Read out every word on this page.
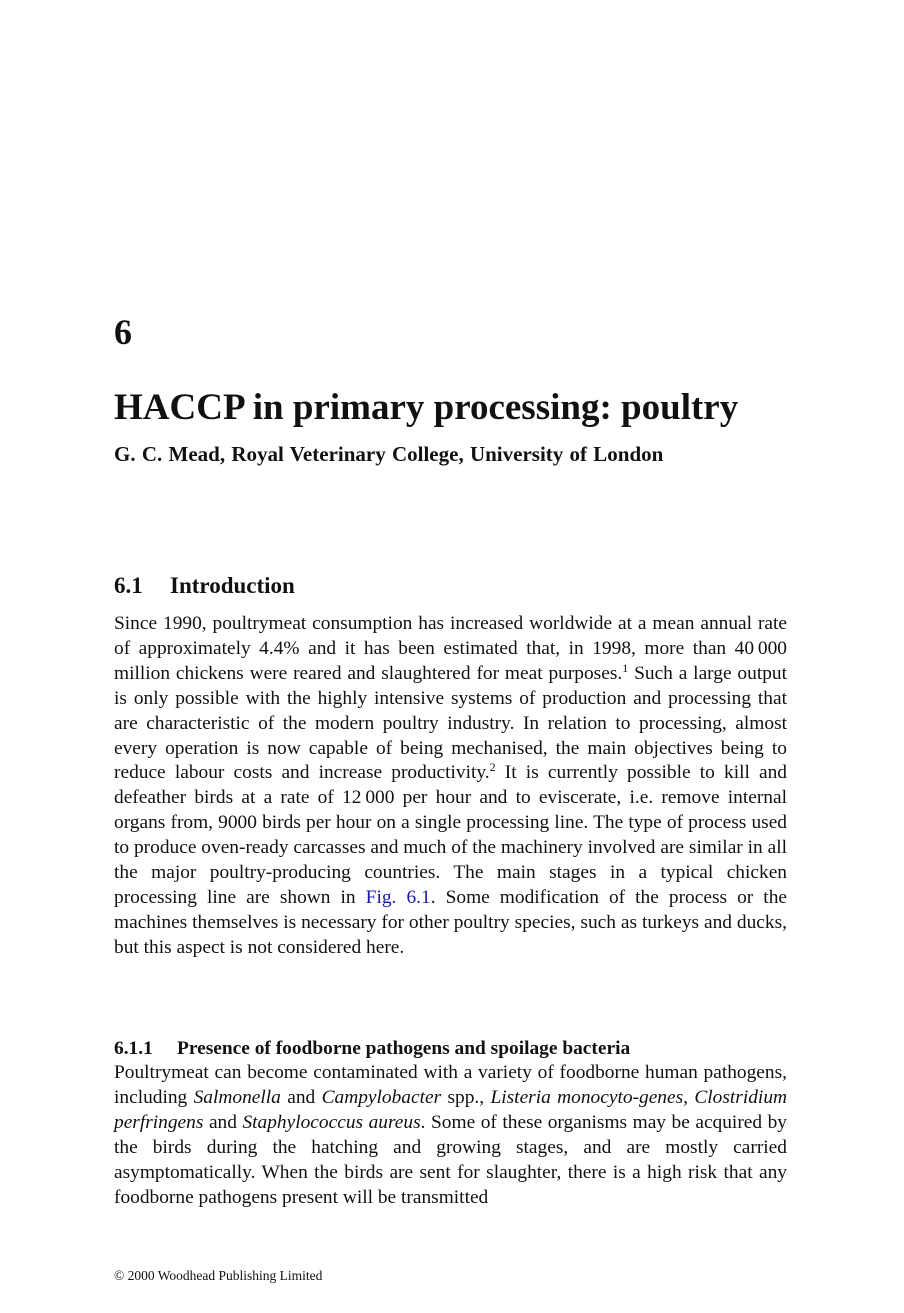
6
HACCP in primary processing: poultry

G. C. Mead, Royal Veterinary College, University of London

6.1 Introduction

Since 1990, poultrymeat consumption has increased worldwide at a mean annual rate of approximately 4.4% and it has been estimated that, in 1998, more than 40 000 million chickens were reared and slaughtered for meat purposes.$^1$ Such a large output is only possible with the highly intensive systems of production and processing that are characteristic of the modern poultry industry. In relation to processing, almost every operation is now capable of being mechanised, the main objectives being to reduce labour costs and increase productivity.$^2$ It is currently possible to kill and defeather birds at a rate of 12 000 per hour and to eviscerate, i.e. remove internal organs from, 9000 birds per hour on a single processing line. The type of process used to produce oven-ready carcasses and much of the machinery involved are similar in all the major poultry-producing countries. The main stages in a typical chicken processing line are shown in Fig. 6.1. Some modification of the process or the machines themselves is necessary for other poultry species, such as turkeys and ducks, but this aspect is not considered here.

6.1.1 Presence of foodborne pathogens and spoilage bacteria

Poultrymeat can become contaminated with a variety of foodborne human pathogens, including Salmonella and Campylobacter spp., Listeria monocyto-genes, Clostridium perfringens and Staphylococcus aureus. Some of these organisms may be acquired by the birds during the hatching and growing stages, and are mostly carried asymptomatically. When the birds are sent for slaughter, there is a high risk that any foodborne pathogens present will be transmitted

© 2000 Woodhead Publishing Limited
